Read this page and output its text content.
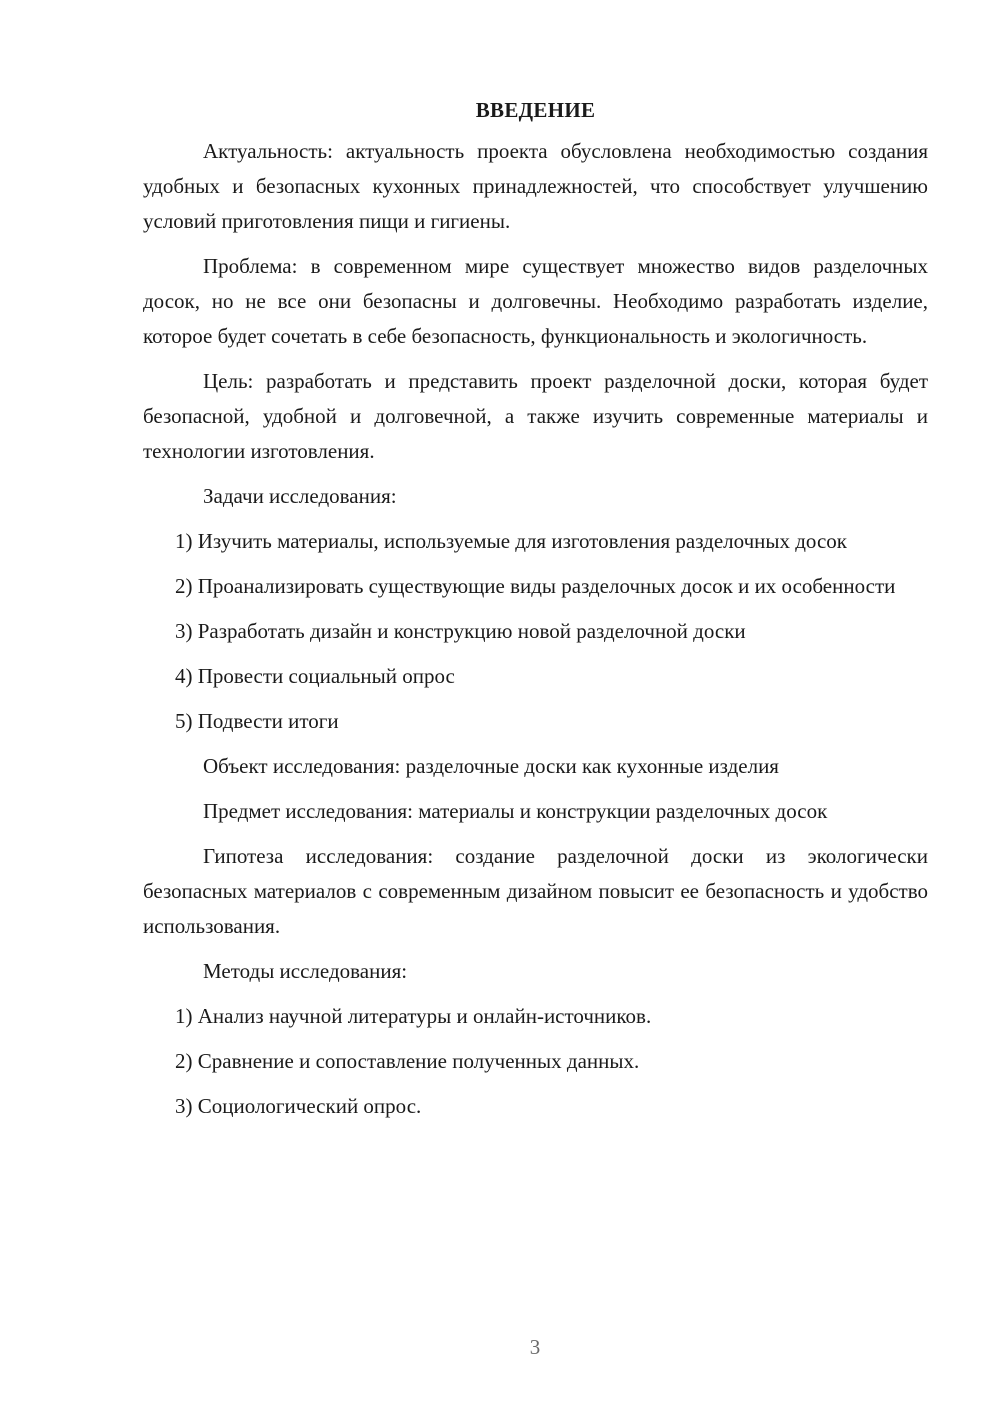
ВВЕДЕНИЕ

Актуальность: актуальность проекта обусловлена необходимостью создания удобных и безопасных кухонных принадлежностей, что способствует улучшению условий приготовления пищи и гигиены.

Проблема: в современном мире существует множество видов разделочных досок, но не все они безопасны и долговечны. Необходимо разработать изделие, которое будет сочетать в себе безопасность, функциональность и экологичность.

Цель: разработать и представить проект разделочной доски, которая будет безопасной, удобной и долговечной, а также изучить современные материалы и технологии изготовления.

Задачи исследования:

1) Изучить материалы, используемые для изготовления разделочных досок

2) Проанализировать существующие виды разделочных досок и их особенности

3) Разработать дизайн и конструкцию новой разделочной доски

4) Провести социальный опрос

5) Подвести итоги

Объект исследования: разделочные доски как кухонные изделия

Предмет исследования: материалы и конструкции разделочных досок

Гипотеза исследования: создание разделочной доски из экологически безопасных материалов с современным дизайном повысит ее безопасность и удобство использования.

Методы исследования:

1) Анализ научной литературы и онлайн-источников.

2) Сравнение и сопоставление полученных данных.

3) Социологический опрос.

3
